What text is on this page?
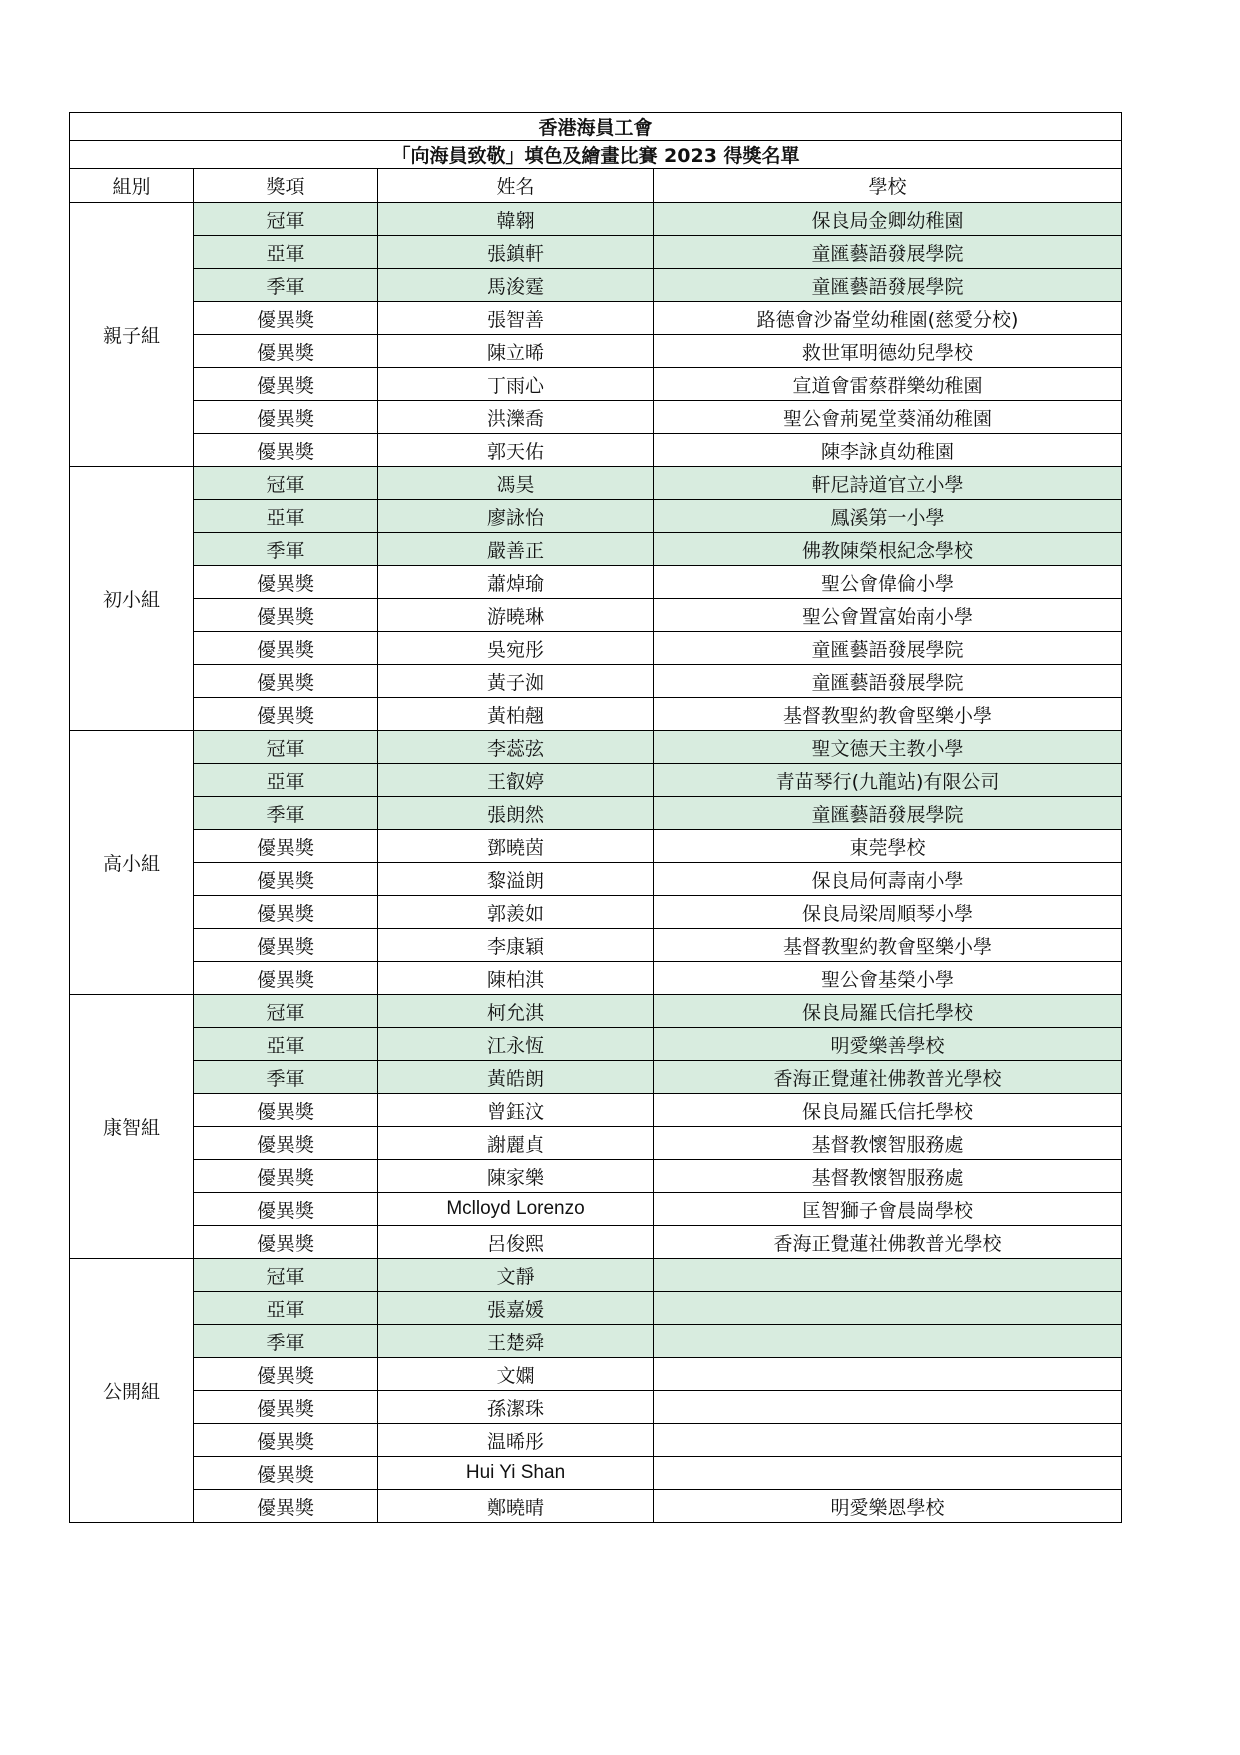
香港海員工會			
「向海員致敬」填色及繪畫比賽 2023 得獎名單			
組別	獎項	姓名	學校
親子組	冠軍	韓翱	保良局金卿幼稚園
	亞軍	張鎮軒	童匯藝語發展學院
	季軍	馬浚霆	童匯藝語發展學院
	優異獎	張智善	路德會沙崙堂幼稚園(慈愛分校)
	優異獎	陳立晞	救世軍明德幼兒學校
	優異獎	丁雨心	宣道會雷蔡群樂幼稚園
	優異獎	洪濼喬	聖公會荊冕堂葵涌幼稚園
	優異獎	郭天佑	陳李詠貞幼稚園
初小組	冠軍	馮昊	軒尼詩道官立小學
	亞軍	廖詠怡	鳳溪第一小學
	季軍	嚴善正	佛教陳榮根紀念學校
	優異獎	蕭焯瑜	聖公會偉倫小學
	優異獎	游曉琳	聖公會置富始南小學
	優異獎	吳宛彤	童匯藝語發展學院
	優異獎	黃子洳	童匯藝語發展學院
	優異獎	黃柏翹	基督教聖約教會堅樂小學
高小組	冠軍	李蕊弦	聖文德天主教小學
	亞軍	王叡婷	青苗琴行(九龍站)有限公司
	季軍	張朗然	童匯藝語發展學院
	優異獎	鄧曉茵	東莞學校
	優異獎	黎溢朗	保良局何壽南小學
	優異獎	郭羨如	保良局梁周順琴小學
	優異獎	李康穎	基督教聖約教會堅樂小學
	優異獎	陳柏淇	聖公會基榮小學
康智組	冠軍	柯允淇	保良局羅氏信托學校
	亞軍	江永恆	明愛樂善學校
	季軍	黃皓朗	香海正覺蓮社佛教普光學校
	優異獎	曾鈺汶	保良局羅氏信托學校
	優異獎	謝麗貞	基督教懷智服務處
	優異獎	陳家樂	基督教懷智服務處
	優異獎	Mclloyd Lorenzo	匡智獅子會晨崗學校
	優異獎	呂俊熙	香海正覺蓮社佛教普光學校
公開組	冠軍	文靜	
	亞軍	張嘉媛	
	季軍	王楚舜	
	優異獎	文嫻	
	優異獎	孫潔珠	
	優異獎	温晞彤	
	優異獎	Hui Yi Shan	
	優異獎	鄭曉晴	明愛樂恩學校
